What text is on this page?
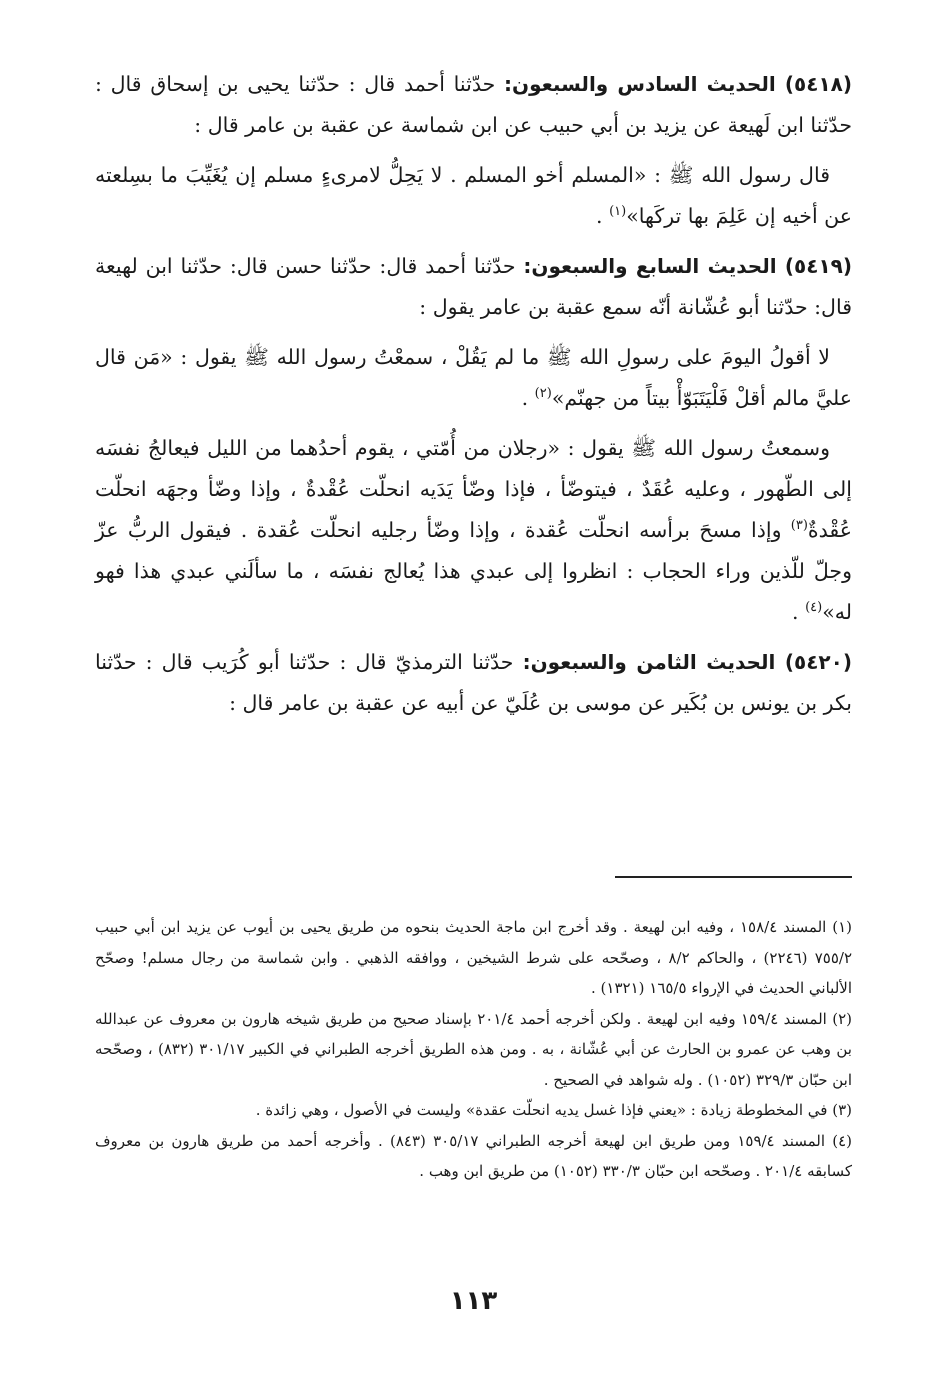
(٥٤١٨) الحديث السادس والسبعون: حدّثنا أحمد قال : حدّثنا يحيى بن إسحاق قال : حدّثنا ابن لَهيعة عن يزيد بن أبي حبيب عن ابن شماسة عن عقبة بن عامر قال :

قال رسول الله ﷺ : «المسلم أخو المسلم . لا يَحِلُّ لامرىءٍ مسلم إن يُغَيِّبَ ما بسِلعته عن أخيه إن عَلِمَ بها تركَها»$^{(١)}$ .

(٥٤١٩) الحديث السابع والسبعون: حدّثنا أحمد قال: حدّثنا حسن قال: حدّثنا ابن لهيعة قال: حدّثنا أبو عُشّانة أنّه سمع عقبة بن عامر يقول :

لا أقولُ اليومَ على رسولِ الله ﷺ ما لم يَقُلْ ، سمعْتُ رسول الله ﷺ يقول : «مَن قال عليَّ مالم أقلْ فَلْيَتَبَوّأْ بيتاً من جهنّم»$^{(٢)}$ .

وسمعتُ رسول الله ﷺ يقول : «رجلان من أُمّتي ، يقوم أحدُهما من الليل فيعالجُ نفسَه إلى الطّهور ، وعليه عُقَدٌ ، فيتوضّأ ، فإذا وضّأ يَدَيه انحلّت عُقْدةٌ ، وإذا وضّأ وجهَه انحلّت عُقْدةٌ$^{(٣)}$ وإذا مسحَ برأسه انحلّت عُقدة ، وإذا وضّأ رجليه انحلّت عُقدة . فيقول الربُّ عزّ وجلّ للّذين وراء الحجاب : انظروا إلى عبدي هذا يُعالج نفسَه ، ما سألَني عبدي هذا فهو له»$^{(٤)}$ .

(٥٤٢٠) الحديث الثامن والسبعون: حدّثنا الترمذيّ قال : حدّثنا أبو كُرَيب قال : حدّثنا بكر بن يونس بن بُكَير عن موسى بن عُلَيّ عن أبيه عن عقبة بن عامر قال :

(١) المسند ١٥٨/٤ ، وفيه ابن لهيعة . وقد أخرج ابن ماجة الحديث بنحوه من طريق يحيى بن أيوب عن يزيد ابن أبي حبيب ٧٥٥/٢ (٢٢٤٦) ، والحاكم ٨/٢ ، وصحّحه على شرط الشيخين ، ووافقه الذهبي . وابن شماسة من رجال مسلم! وصحّح الألباني الحديث في الإرواء ١٦٥/٥ (١٣٢١) .

(٢) المسند ١٥٩/٤ وفيه ابن لهيعة . ولكن أخرجه أحمد ٢٠١/٤ بإسناد صحيح من طريق شيخه هارون بن معروف عن عبدالله بن وهب عن عمرو بن الحارث عن أبي عُشّانة ، به . ومن هذه الطريق أخرجه الطبراني في الكبير ٣٠١/١٧ (٨٣٢) ، وصحّحه ابن حبّان ٣٢٩/٣ (١٠٥٢) . وله شواهد في الصحيح .

(٣) في المخطوطة زيادة : «يعني فإذا غسل يديه انحلّت عقدة» وليست في الأصول ، وهي زائدة .

(٤) المسند ١٥٩/٤ ومن طريق ابن لهيعة أخرجه الطبراني ٣٠٥/١٧ (٨٤٣) . وأخرجه أحمد من طريق هارون بن معروف كسابقه ٢٠١/٤ . وصحّحه ابن حبّان ٣٣٠/٣ (١٠٥٢) من طريق ابن وهب .

١١٣
